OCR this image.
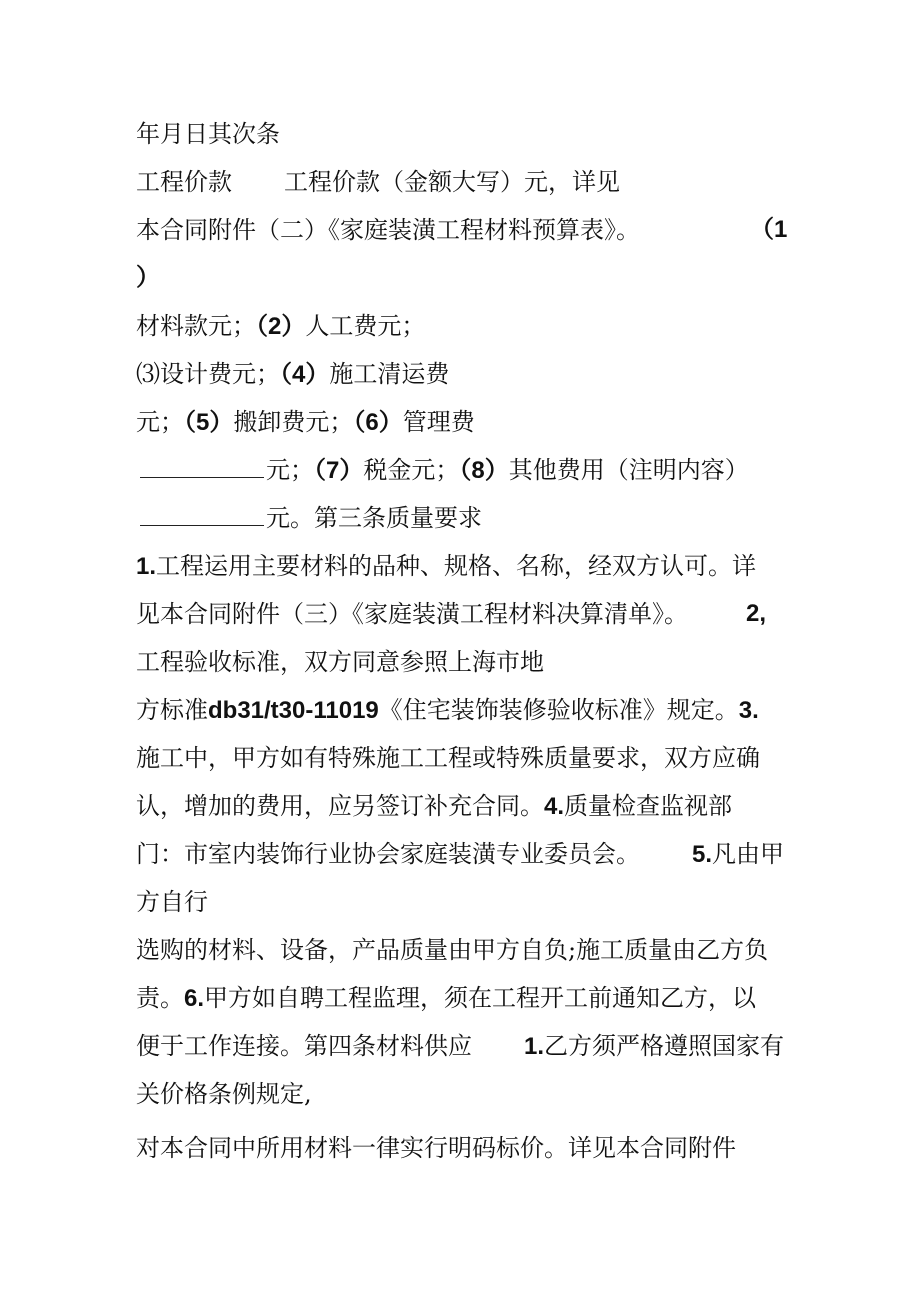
年月日其次条
工程价款 工程价款（金额大写）元，详见
本合同附件（二）《家庭装潢工程材料预算表》。	（1
）
材料款元；（2）人工费元；
⑶设计费元；（4）施工清运费
元；（5）搬卸费元；（6）管理费
元；（7）税金元；（8）其他费用（注明内容）
元。第三条质量要求
1.工程运用主要材料的品种、规格、名称，经双方认可。详
见本合同附件（三）《家庭装潢工程材料决算清单》。 2,
工程验收标准，双方同意参照上海市地
方标准db31/t30-11019《住宅装饰装修验收标准》规定。3.
施工中，甲方如有特殊施工工程或特殊质量要求，双方应确
认，增加的费用，应另签订补充合同。4.质量检查监视部
门：市室内装饰行业协会家庭装潢专业委员会。 5.凡由甲
方自行
选购的材料、设备，产品质量由甲方自负;施工质量由乙方负
责。6.甲方如自聘工程监理，须在工程开工前通知乙方，以
便于工作连接。第四条材料供应 1.乙方须严格遵照国家有
关价格条例规定,
对本合同中所用材料一律实行明码标价。详见本合同附件
